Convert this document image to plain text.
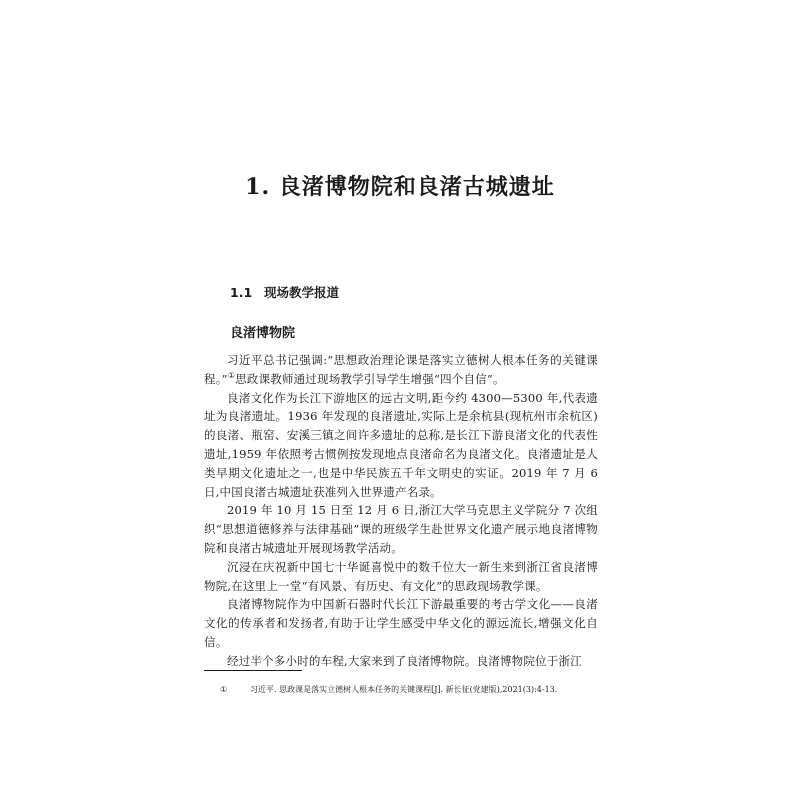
1. 良渚博物院和良渚古城遗址
1.1 现场教学报道
良渚博物院

习近平总书记强调:“思想政治理论课是落实立德树人根本任务的关键课程。”①思政课教师通过现场教学引导学生增强“四个自信”。

良渚文化作为长江下游地区的远古文明,距今约 4300—5300 年,代表遗址为良渚遗址。1936 年发现的良渚遗址,实际上是余杭县(现杭州市余杭区)的良渚、瓶窑、安溪三镇之间许多遗址的总称,是长江下游良渚文化的代表性遗址,1959 年依照考古惯例按发现地点良渚命名为良渚文化。良渚遗址是人类早期文化遗址之一,也是中华民族五千年文明史的实证。2019 年 7 月 6 日,中国良渚古城遗址获准列入世界遗产名录。

2019 年 10 月 15 日至 12 月 6 日,浙江大学马克思主义学院分 7 次组织“思想道德修养与法律基础”课的班级学生赴世界文化遗产展示地良渚博物院和良渚古城遗址开展现场教学活动。

沉浸在庆祝新中国七十华诞喜悦中的数千位大一新生来到浙江省良渚博物院,在这里上一堂“有风景、有历史、有文化”的思政现场教学课。

良渚博物院作为中国新石器时代长江下游最重要的考古学文化——良渚文化的传承者和发扬者,有助于让学生感受中华文化的源远流长,增强文化自信。

经过半个多小时的车程,大家来到了良渚博物院。良渚博物院位于浙江

①	习近平. 思政课是落实立德树人根本任务的关键课程[J]. 新长征(党建版),2021(3):4-13.
